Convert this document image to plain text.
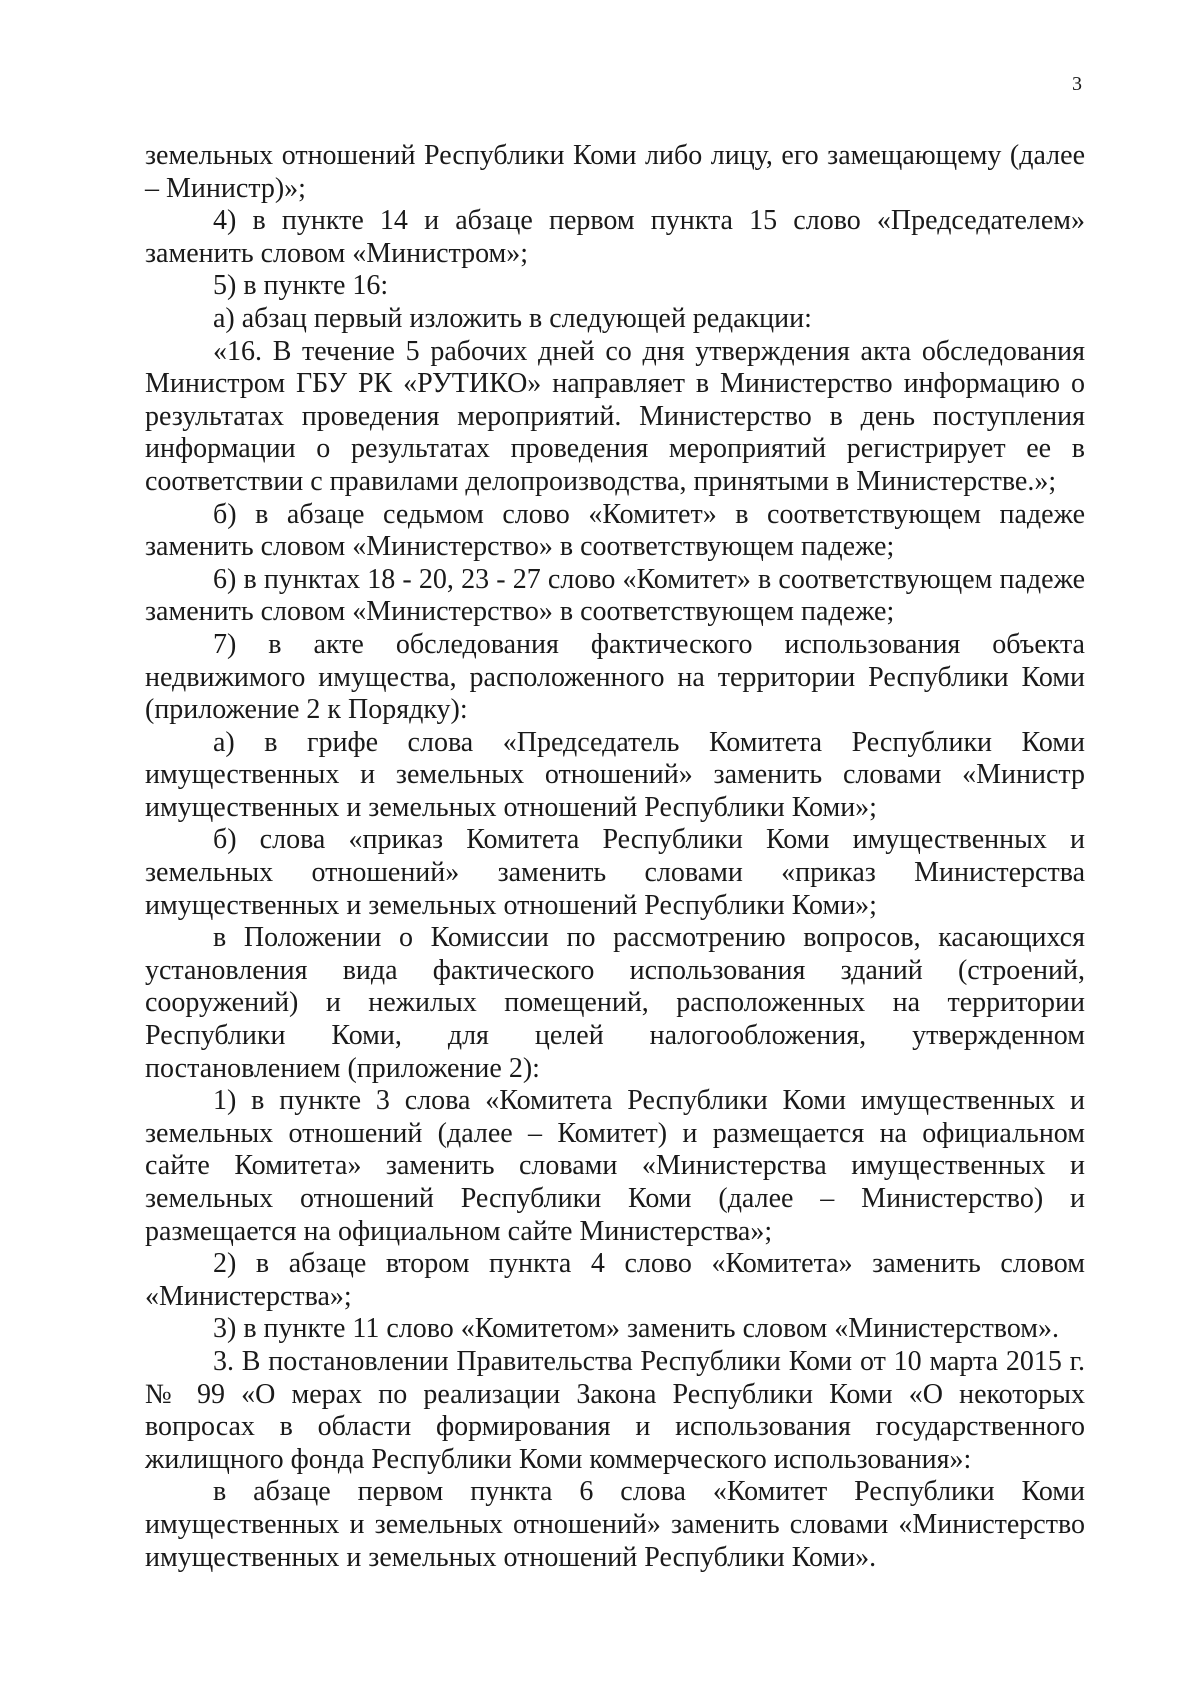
3

земельных отношений Республики Коми либо лицу, его замещающему (далее – Министр)»;

4) в пункте 14 и абзаце первом пункта 15 слово «Председателем» заменить словом «Министром»;

5) в пункте 16:

а) абзац первый изложить в следующей редакции:

«16. В течение 5 рабочих дней со дня утверждения акта обследования Министром ГБУ РК «РУТИКО» направляет в Министерство информацию о результатах проведения мероприятий. Министерство в день поступления информации о результатах проведения мероприятий регистрирует ее в соответствии с правилами делопроизводства, принятыми в Министерстве.»;

б) в абзаце седьмом слово «Комитет» в соответствующем падеже заменить словом «Министерство» в соответствующем падеже;

6) в пунктах 18 - 20, 23 - 27 слово «Комитет» в соответствующем падеже заменить словом «Министерство» в соответствующем падеже;

7) в акте обследования фактического использования объекта недвижимого имущества, расположенного на территории Республики Коми (приложение 2 к Порядку):

а) в грифе слова «Председатель Комитета Республики Коми имущественных и земельных отношений» заменить словами «Министр имущественных и земельных отношений Республики Коми»;

б) слова «приказ Комитета Республики Коми имущественных и земельных отношений» заменить словами «приказ Министерства имущественных и земельных отношений Республики Коми»;

в Положении о Комиссии по рассмотрению вопросов, касающихся установления вида фактического использования зданий (строений, сооружений) и нежилых помещений, расположенных на территории Республики Коми, для целей налогообложения, утвержденном постановлением (приложение 2):

1) в пункте 3 слова «Комитета Республики Коми имущественных и земельных отношений (далее – Комитет) и размещается на официальном сайте Комитета» заменить словами «Министерства имущественных и земельных отношений Республики Коми (далее – Министерство) и размещается на официальном сайте Министерства»;

2) в абзаце втором пункта 4 слово «Комитета» заменить словом «Министерства»;

3) в пункте 11 слово «Комитетом» заменить словом «Министерством».

3. В постановлении Правительства Республики Коми от 10 марта 2015 г. № 99 «О мерах по реализации Закона Республики Коми «О некоторых вопросах в области формирования и использования государственного жилищного фонда Республики Коми коммерческого использования»:

в абзаце первом пункта 6 слова «Комитет Республики Коми имущественных и земельных отношений» заменить словами «Министерство имущественных и земельных отношений Республики Коми».
